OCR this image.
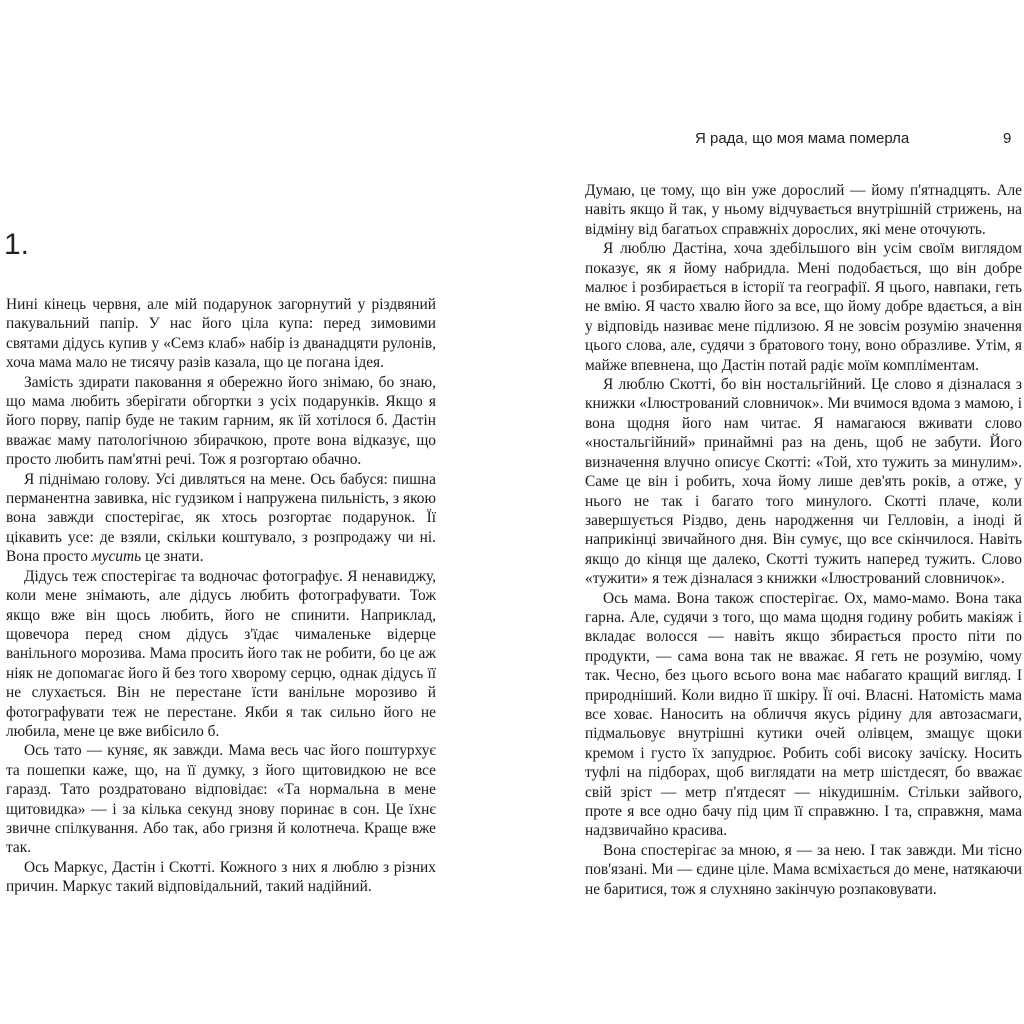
1.

Нині кінець червня, але мій подарунок загорнутий у різдвяний пакувальний папір. У нас його ціла купа: перед зимовими святами дідусь купив у «Семз клаб» набір із дванадцяти рулонів, хоча мама мало не тисячу разів казала, що це погана ідея.

Замість здирати паковання я обережно його знімаю, бо знаю, що мама любить зберігати обгортки з усіх подарунків. Якщо я його порву, папір буде не таким гарним, як їй хотілося б. Дастін вважає маму патологічною збирачкою, проте вона відказує, що просто любить пам'ятні речі. Тож я розгортаю обачно.

Я піднімаю голову. Усі дивляться на мене. Ось бабуся: пишна перманентна завивка, ніс гудзиком і напружена пильність, з якою вона завжди спостерігає, як хтось розгортає подарунок. Її цікавить усе: де взяли, скільки коштувало, з розпродажу чи ні. Вона просто мусить це знати.

Дідусь теж спостерігає та водночас фотографує. Я ненавиджу, коли мене знімають, але дідусь любить фотографувати. Тож якщо вже він щось любить, його не спинити. Наприклад, щовечора перед сном дідусь з'їдає чималеньке відерце ванільного морозива. Мама просить його так не робити, бо це аж ніяк не допомагає його й без того хворому серцю, однак дідусь її не слухається. Він не перестане їсти ванільне морозиво й фотографувати теж не перестане. Якби я так сильно його не любила, мене це вже вибісило б.

Ось тато — куняє, як завжди. Мама весь час його поштурхує та пошепки каже, що, на її думку, з його щитовидкою не все гаразд. Тато роздратовано відповідає: «Та нормальна в мене щитовидка» — і за кілька секунд знову поринає в сон. Це їхнє звичне спілкування. Або так, або гризня й колотнеча. Краще вже так.

Ось Маркус, Дастін і Скотті. Кожного з них я люблю з різних причин. Маркус такий відповідальний, такий надійний.

Я рада, що моя мама померла	9

Думаю, це тому, що він уже дорослий — йому п'ятнадцять. Але навіть якщо й так, у ньому відчувається внутрішній стрижень, на відміну від багатьох справжніх дорослих, які мене оточують.

Я люблю Дастіна, хоча здебільшого він усім своїм виглядом показує, як я йому набридла. Мені подобається, що він добре малює і розбирається в історії та географії. Я цього, навпаки, геть не вмію. Я часто хвалю його за все, що йому добре вдається, а він у відповідь називає мене підлизою. Я не зовсім розумію значення цього слова, але, судячи з братового тону, воно образливе. Утім, я майже впевнена, що Дастін потай радіє моїм компліментам.

Я люблю Скотті, бо він ностальгійний. Це слово я дізналася з книжки «Ілюстрований словничок». Ми вчимося вдома з мамою, і вона щодня його нам читає. Я намагаюся вживати слово «ностальгійний» принаймні раз на день, щоб не забути. Його визначення влучно описує Скотті: «Той, хто тужить за минулим». Саме це він і робить, хоча йому лише дев'ять років, а отже, у нього не так і багато того минулого. Скотті плаче, коли завершується Різдво, день народження чи Гелловін, а іноді й наприкінці звичайного дня. Він сумує, що все скінчилося. Навіть якщо до кінця ще далеко, Скотті тужить наперед тужить. Слово «тужити» я теж дізналася з книжки «Ілюстрований словничок».

Ось мама. Вона також спостерігає. Ох, мамо-мамо. Вона така гарна. Але, судячи з того, що мама щодня годину робить макіяж і вкладає волосся — навіть якщо збирається просто піти по продукти, — сама вона так не вважає. Я геть не розумію, чому так. Чесно, без цього всього вона має набагато кращий вигляд. І природніший. Коли видно її шкіру. Її очі. Власні. Натомість мама все ховає. Наносить на обличчя якусь рідину для автозасмаги, підмальовує внутрішні кутики очей олівцем, змащує щоки кремом і густо їх запудрює. Робить собі високу зачіску. Носить туфлі на підборах, щоб виглядати на метр шістдесят, бо вважає свій зріст — метр п'ятдесят — нікудишнім. Стільки зайвого, проте я все одно бачу під цим її справжню. І та, справжня, мама надзвичайно красива.

Вона спостерігає за мною, я — за нею. І так завжди. Ми тісно пов'язані. Ми — єдине ціле. Мама всміхається до мене, натякаючи не баритися, тож я слухняно закінчую розпаковувати.
